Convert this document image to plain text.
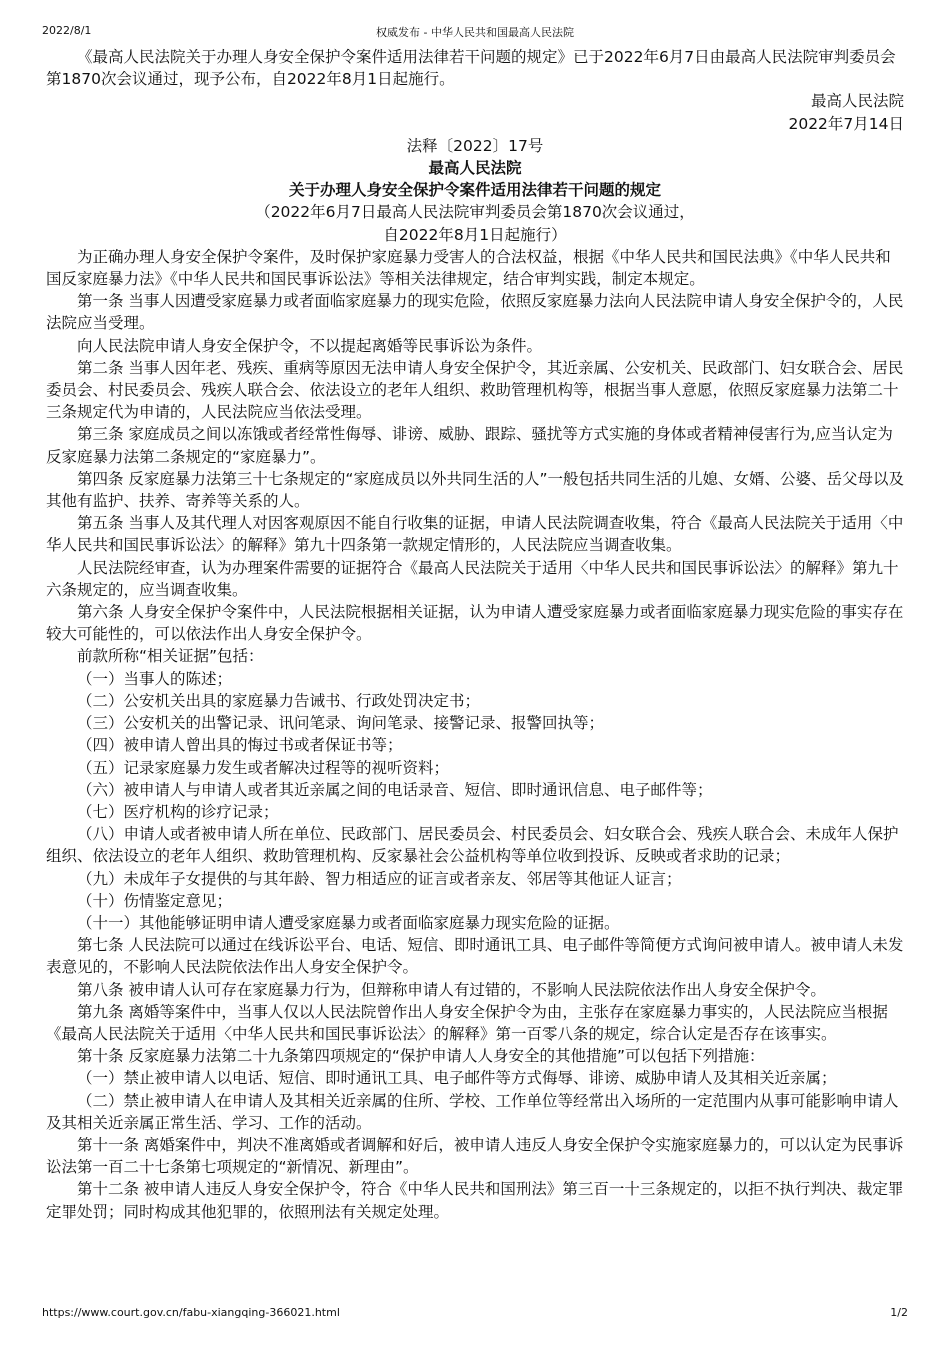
2022/8/1	权威发布 - 中华人民共和国最高人民法院

《最高人民法院关于办理人身安全保护令案件适用法律若干问题的规定》已于2022年6月7日由最高人民法院审判委员会第1870次会议通过，现予公布，自2022年8月1日起施行。

最高人民法院

2022年7月14日

法释〔2022〕17号

最高人民法院

关于办理人身安全保护令案件适用法律若干问题的规定

（2022年6月7日最高人民法院审判委员会第1870次会议通过，

自2022年8月1日起施行）

为正确办理人身安全保护令案件，及时保护家庭暴力受害人的合法权益，根据《中华人民共和国民法典》《中华人民共和国反家庭暴力法》《中华人民共和国民事诉讼法》等相关法律规定，结合审判实践，制定本规定。

第一条 当事人因遭受家庭暴力或者面临家庭暴力的现实危险，依照反家庭暴力法向人民法院申请人身安全保护令的，人民法院应当受理。

向人民法院申请人身安全保护令，不以提起离婚等民事诉讼为条件。

第二条 当事人因年老、残疾、重病等原因无法申请人身安全保护令，其近亲属、公安机关、民政部门、妇女联合会、居民委员会、村民委员会、残疾人联合会、依法设立的老年人组织、救助管理机构等，根据当事人意愿，依照反家庭暴力法第二十三条规定代为申请的，人民法院应当依法受理。

第三条 家庭成员之间以冻饿或者经常性侮辱、诽谤、威胁、跟踪、骚扰等方式实施的身体或者精神侵害行为,应当认定为反家庭暴力法第二条规定的“家庭暴力”。

第四条 反家庭暴力法第三十七条规定的“家庭成员以外共同生活的人”一般包括共同生活的儿媳、女婿、公婆、岳父母以及其他有监护、扶养、寄养等关系的人。

第五条 当事人及其代理人对因客观原因不能自行收集的证据，申请人民法院调查收集，符合《最高人民法院关于适用〈中华人民共和国民事诉讼法〉的解释》第九十四条第一款规定情形的，人民法院应当调查收集。

人民法院经审查，认为办理案件需要的证据符合《最高人民法院关于适用〈中华人民共和国民事诉讼法〉的解释》第九十六条规定的，应当调查收集。

第六条 人身安全保护令案件中，人民法院根据相关证据，认为申请人遭受家庭暴力或者面临家庭暴力现实危险的事实存在较大可能性的，可以依法作出人身安全保护令。

前款所称“相关证据”包括：

（一）当事人的陈述；

（二）公安机关出具的家庭暴力告诫书、行政处罚决定书；

（三）公安机关的出警记录、讯问笔录、询问笔录、接警记录、报警回执等；

（四）被申请人曾出具的悔过书或者保证书等；

（五）记录家庭暴力发生或者解决过程等的视听资料；

（六）被申请人与申请人或者其近亲属之间的电话录音、短信、即时通讯信息、电子邮件等；

（七）医疗机构的诊疗记录；

（八）申请人或者被申请人所在单位、民政部门、居民委员会、村民委员会、妇女联合会、残疾人联合会、未成年人保护组织、依法设立的老年人组织、救助管理机构、反家暴社会公益机构等单位收到投诉、反映或者求助的记录；

（九）未成年子女提供的与其年龄、智力相适应的证言或者亲友、邻居等其他证人证言；

（十）伤情鉴定意见；

（十一）其他能够证明申请人遭受家庭暴力或者面临家庭暴力现实危险的证据。

第七条 人民法院可以通过在线诉讼平台、电话、短信、即时通讯工具、电子邮件等简便方式询问被申请人。被申请人未发表意见的，不影响人民法院依法作出人身安全保护令。

第八条 被申请人认可存在家庭暴力行为，但辩称申请人有过错的，不影响人民法院依法作出人身安全保护令。

第九条 离婚等案件中，当事人仅以人民法院曾作出人身安全保护令为由，主张存在家庭暴力事实的，人民法院应当根据《最高人民法院关于适用〈中华人民共和国民事诉讼法〉的解释》第一百零八条的规定，综合认定是否存在该事实。

第十条 反家庭暴力法第二十九条第四项规定的“保护申请人人身安全的其他措施”可以包括下列措施：

（一）禁止被申请人以电话、短信、即时通讯工具、电子邮件等方式侮辱、诽谤、威胁申请人及其相关近亲属；

（二）禁止被申请人在申请人及其相关近亲属的住所、学校、工作单位等经常出入场所的一定范围内从事可能影响申请人及其相关近亲属正常生活、学习、工作的活动。

第十一条 离婚案件中，判决不准离婚或者调解和好后，被申请人违反人身安全保护令实施家庭暴力的，可以认定为民事诉讼法第一百二十七条第七项规定的“新情况、新理由”。

第十二条 被申请人违反人身安全保护令，符合《中华人民共和国刑法》第三百一十三条规定的，以拒不执行判决、裁定罪定罪处罚；同时构成其他犯罪的，依照刑法有关规定处理。

https://www.court.gov.cn/fabu-xiangqing-366021.html	1/2
